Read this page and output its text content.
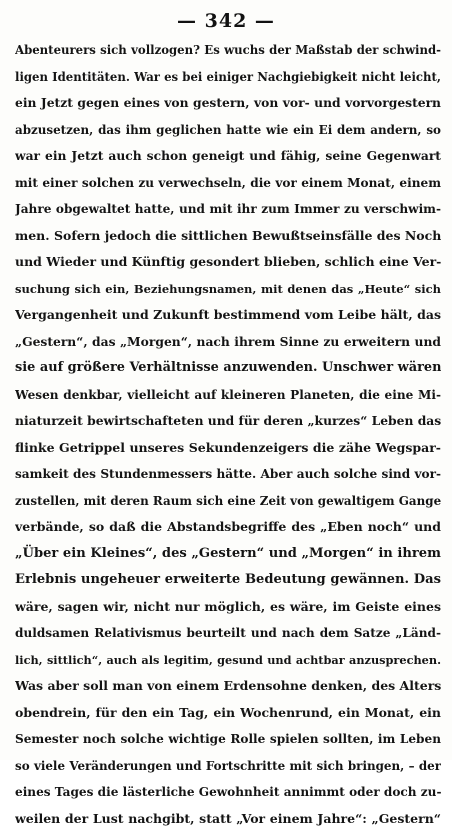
— 342 —
Abenteurers sich vollzogen? Es wuchs der Maßstab der schwind-
ligen Identitäten. War es bei einiger Nachgiebigkeit nicht leicht,
ein Jetzt gegen eines von gestern, von vor- und vorvorgestern
abzusetzen, das ihm geglichen hatte wie ein Ei dem andern, so
war ein Jetzt auch schon geneigt und fähig, seine Gegenwart
mit einer solchen zu verwechseln, die vor einem Monat, einem
Jahre obgewaltet hatte, und mit ihr zum Immer zu verschwim-
men. Sofern jedoch die sittlichen Bewußtseinsfälle des Noch
und Wieder und Künftig gesondert blieben, schlich eine Ver-
suchung sich ein, Beziehungsnamen, mit denen das „Heute“ sich
Vergangenheit und Zukunft bestimmend vom Leibe hält, das
„Gestern“, das „Morgen“, nach ihrem Sinne zu erweitern und
sie auf größere Verhältnisse anzuwenden. Unschwer wären
Wesen denkbar, vielleicht auf kleineren Planeten, die eine Mi-
niaturzeit bewirtschafteten und für deren „kurzes“ Leben das
flinke Getrippel unseres Sekundenzeigers die zähe Wegspar-
samkeit des Stundenmessers hätte. Aber auch solche sind vor-
zustellen, mit deren Raum sich eine Zeit von gewaltigem Gange
verbände, so daß die Abstandsbegriffe des „Eben noch“ und
„Über ein Kleines“, des „Gestern“ und „Morgen“ in ihrem
Erlebnis ungeheuer erweiterte Bedeutung gewännen. Das
wäre, sagen wir, nicht nur möglich, es wäre, im Geiste eines
duldsamen Relativismus beurteilt und nach dem Satze „Länd-
lich, sittlich“, auch als legitim, gesund und achtbar anzusprechen.
Was aber soll man von einem Erdensohne denken, des Alters
obendrein, für den ein Tag, ein Wochenrund, ein Monat, ein
Semester noch solche wichtige Rolle spielen sollten, im Leben
so viele Veränderungen und Fortschritte mit sich bringen, – der
eines Tages die lästerliche Gewohnheit annimmt oder doch zu-
weilen der Lust nachgibt, statt „Vor einem Jahre“: „Gestern“
